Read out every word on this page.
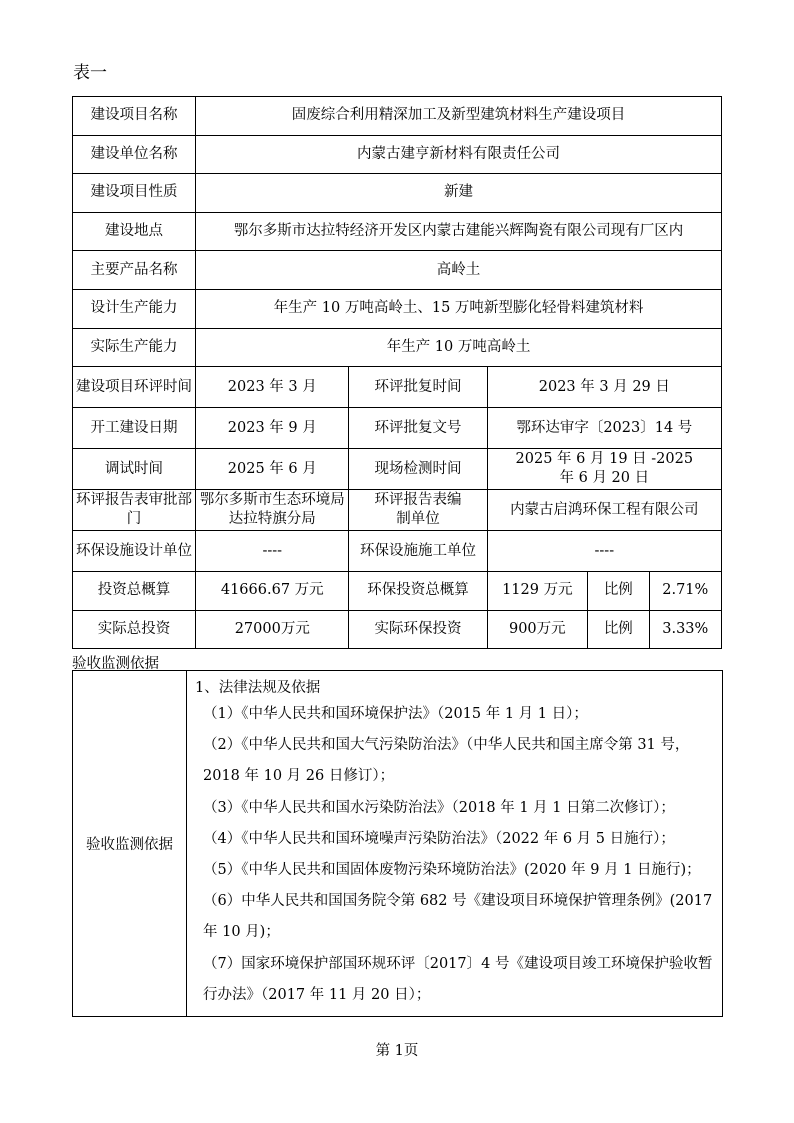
表一
建设项目名称	固废综合利用精深加工及新型建筑材料生产建设项目				
建设单位名称	内蒙古建亨新材料有限责任公司				
建设项目性质	新建				
建设地点	鄂尔多斯市达拉特经济开发区内蒙古建能兴辉陶瓷有限公司现有厂区内				
主要产品名称	高岭土				
设计生产能力	年生产 10 万吨高岭土、15 万吨新型膨化轻骨料建筑材料				
实际生产能力	年生产 10 万吨高岭土				
建设项目环评时间	2023 年 3 月	环评批复时间	2023 年 3 月 29 日		
开工建设日期	2023 年 9 月	环评批复文号	鄂环达审字〔2023〕14 号		
调试时间	2025 年 6 月	现场检测时间	2025 年 6 月 19 日 -2025 年 6 月 20 日		
环评报告表审批部门	鄂尔多斯市生态环境局达拉特旗分局	环评报告表编制单位	内蒙古启鸿环保工程有限公司		
环保设施设计单位	----	环保设施施工单位	----		
投资总概算	41666.67 万元	环保投资总概算	1129 万元	比例	2.71%
实际总投资	27000万元	实际环保投资	900万元	比例	3.33%
验收监测依据
验收监测依据	
1、法律法规及依据
（1）《中华人民共和国环境保护法》（2015 年 1 月 1 日）；
（2）《中华人民共和国大气污染防治法》（中华人民共和国主席令第 31 号，2018 年 10 月 26 日修订）；
（3）《中华人民共和国水污染防治法》（2018 年 1 月 1 日第二次修订）；
（4）《中华人民共和国环境噪声污染防治法》（2022 年 6 月 5 日施行）；
（5）《中华人民共和国固体废物污染环境防治法》(2020 年 9 月 1 日施行)；
（6）中华人民共和国国务院令第 682 号《建设项目环境保护管理条例》(2017 年 10 月)；
（7）国家环境保护部国环规环评〔2017〕4 号《建设项目竣工环境保护验收暂行办法》（2017 年 11 月 20 日）；
第 1页
